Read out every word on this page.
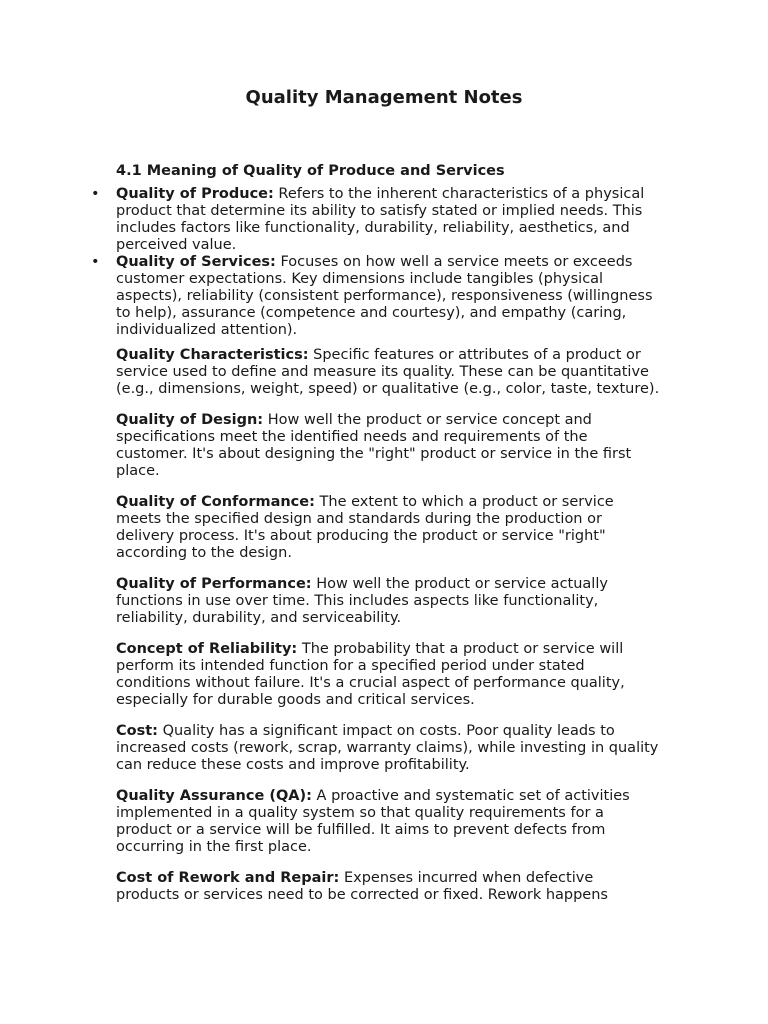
Quality Management Notes
4.1 Meaning of Quality of Produce and Services
• Quality of Produce: Refers to the inherent characteristics of a physical product that determine its ability to satisfy stated or implied needs. This includes factors like functionality, durability, reliability, aesthetics, and perceived value.
• Quality of Services: Focuses on how well a service meets or exceeds customer expectations. Key dimensions include tangibles (physical aspects), reliability (consistent performance), responsiveness (willingness to help), assurance (competence and courtesy), and empathy (caring, individualized attention).

Quality Characteristics: Specific features or attributes of a product or service used to define and measure its quality. These can be quantitative (e.g., dimensions, weight, speed) or qualitative (e.g., color, taste, texture).

Quality of Design: How well the product or service concept and specifications meet the identified needs and requirements of the customer. It's about designing the "right" product or service in the first place.

Quality of Conformance: The extent to which a product or service meets the specified design and standards during the production or delivery process. It's about producing the product or service "right" according to the design.

Quality of Performance: How well the product or service actually functions in use over time. This includes aspects like functionality, reliability, durability, and serviceability.

Concept of Reliability: The probability that a product or service will perform its intended function for a specified period under stated conditions without failure. It's a crucial aspect of performance quality, especially for durable goods and critical services.

Cost: Quality has a significant impact on costs. Poor quality leads to increased costs (rework, scrap, warranty claims), while investing in quality can reduce these costs and improve profitability.

Quality Assurance (QA): A proactive and systematic set of activities implemented in a quality system so that quality requirements for a product or a service will be fulfilled. It aims to prevent defects from occurring in the first place.

Cost of Rework and Repair: Expenses incurred when defective products or services need to be corrected or fixed. Rework happens
